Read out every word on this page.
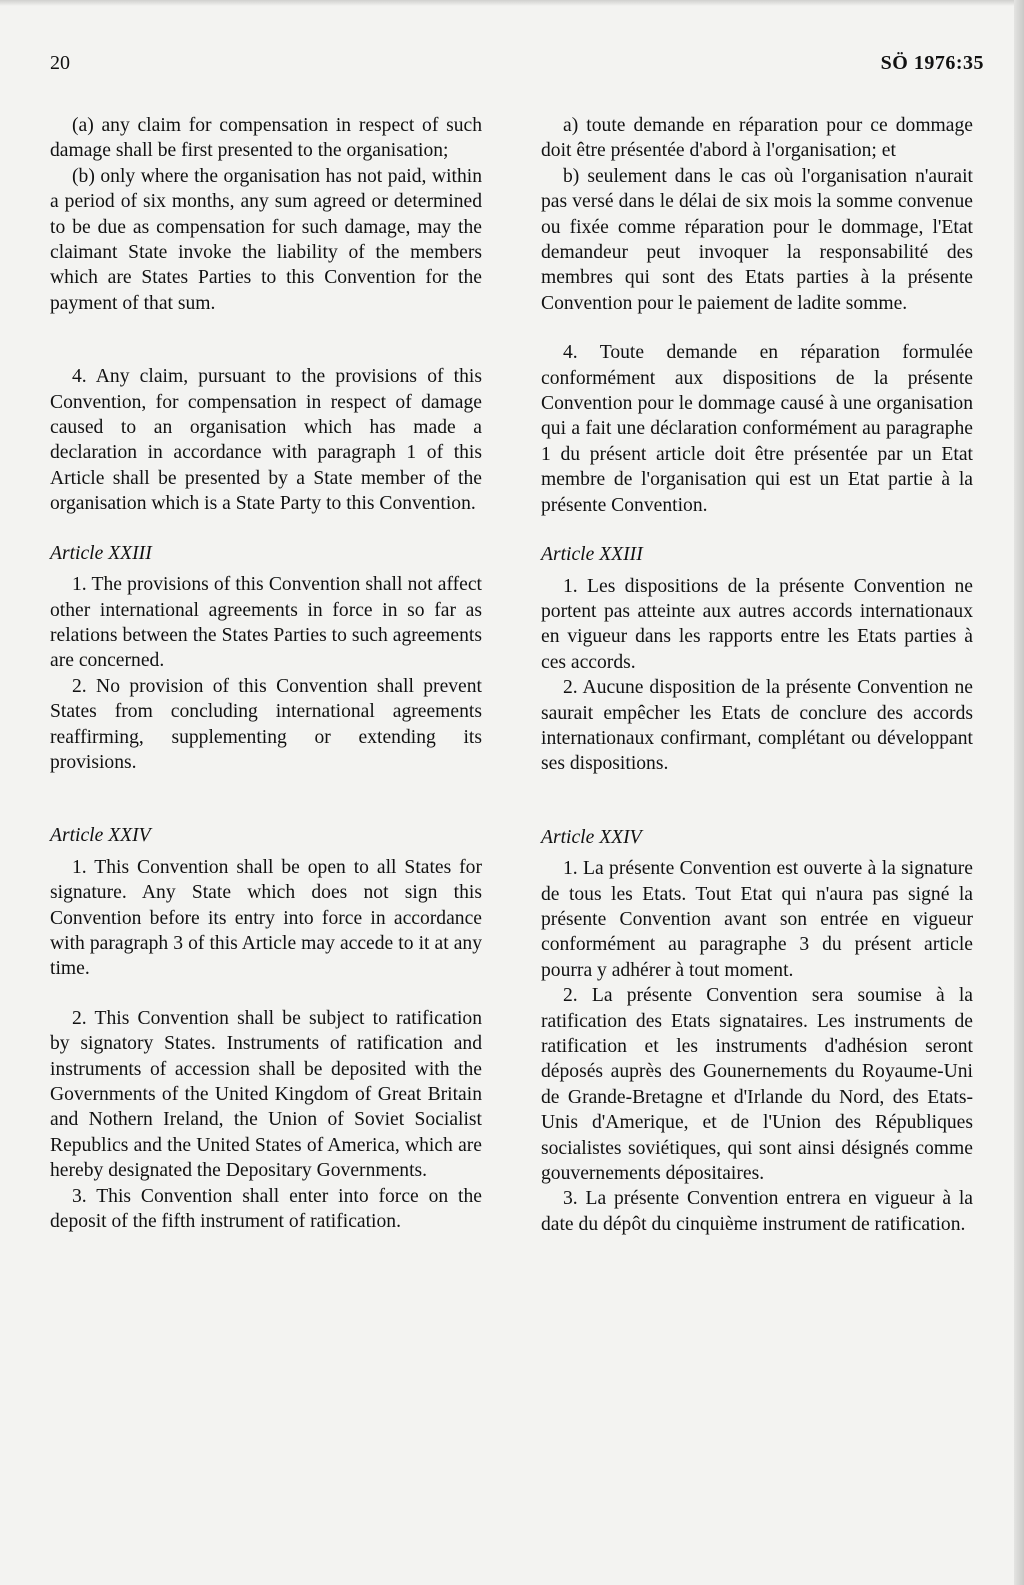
20	SÖ 1976:35

(a) any claim for compensation in respect of such damage shall be first presented to the organisation;

(b) only where the organisation has not paid, within a period of six months, any sum agreed or determined to be due as compensation for such damage, may the claimant State invoke the liability of the members which are States Parties to this Convention for the payment of that sum.

4. Any claim, pursuant to the provisions of this Convention, for compensation in respect of damage caused to an organisation which has made a declaration in accordance with paragraph 1 of this Article shall be presented by a State member of the organisation which is a State Party to this Convention.

Article XXIII

1. The provisions of this Convention shall not affect other international agreements in force in so far as relations between the States Parties to such agreements are concerned.

2. No provision of this Convention shall prevent States from concluding international agreements reaffirming, supplementing or extending its provisions.

Article XXIV

1. This Convention shall be open to all States for signature. Any State which does not sign this Convention before its entry into force in accordance with paragraph 3 of this Article may accede to it at any time.

2. This Convention shall be subject to ratification by signatory States. Instruments of ratification and instruments of accession shall be deposited with the Governments of the United Kingdom of Great Britain and Nothern Ireland, the Union of Soviet Socialist Republics and the United States of America, which are hereby designated the Depositary Governments.

3. This Convention shall enter into force on the deposit of the fifth instrument of ratification.

a) toute demande en réparation pour ce dommage doit être présentée d'abord à l'organisation; et

b) seulement dans le cas où l'organisation n'aurait pas versé dans le délai de six mois la somme convenue ou fixée comme réparation pour le dommage, l'Etat demandeur peut invoquer la responsabilité des membres qui sont des Etats parties à la présente Convention pour le paiement de ladite somme.

4. Toute demande en réparation formulée conformément aux dispositions de la présente Convention pour le dommage causé à une organisation qui a fait une déclaration conformément au paragraphe 1 du présent article doit être présentée par un Etat membre de l'organisation qui est un Etat partie à la présente Convention.

Article XXIII

1. Les dispositions de la présente Convention ne portent pas atteinte aux autres accords internationaux en vigueur dans les rapports entre les Etats parties à ces accords.

2. Aucune disposition de la présente Convention ne saurait empêcher les Etats de conclure des accords internationaux confirmant, complétant ou développant ses dispositions.

Article XXIV

1. La présente Convention est ouverte à la signature de tous les Etats. Tout Etat qui n'aura pas signé la présente Convention avant son entrée en vigueur conformément au paragraphe 3 du présent article pourra y adhérer à tout moment.

2. La présente Convention sera soumise à la ratification des Etats signataires. Les instruments de ratification et les instruments d'adhésion seront déposés auprès des Gounernements du Royaume-Uni de Grande-Bretagne et d'Irlande du Nord, des Etats-Unis d'Amerique, et de l'Union des Républiques socialistes soviétiques, qui sont ainsi désignés comme gouvernements dépositaires.

3. La présente Convention entrera en vigueur à la date du dépôt du cinquième instrument de ratification.
